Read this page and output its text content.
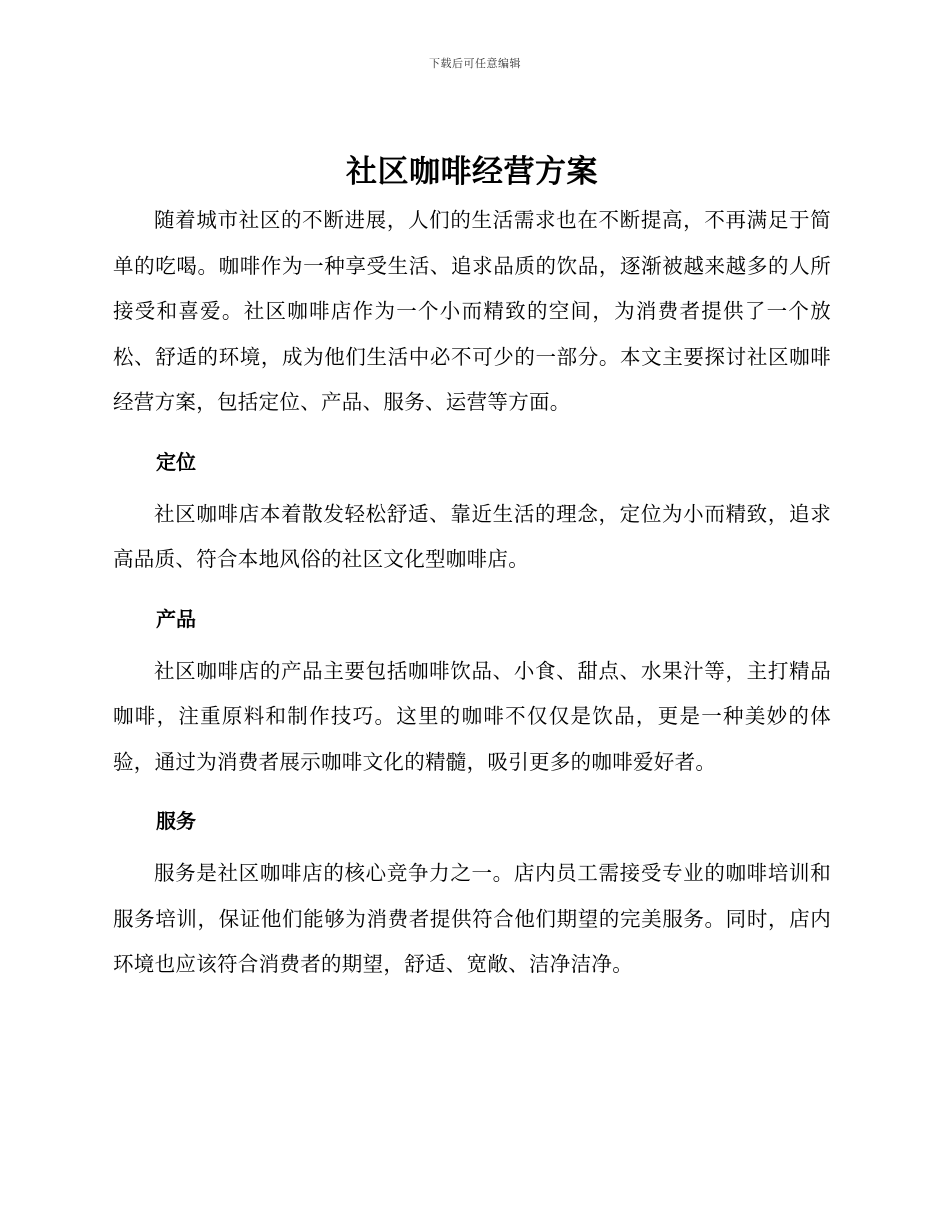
下载后可任意编辑
社区咖啡经营方案

随着城市社区的不断进展，人们的生活需求也在不断提高，不再满足于简单的吃喝。咖啡作为一种享受生活、追求品质的饮品，逐渐被越来越多的人所接受和喜爱。社区咖啡店作为一个小而精致的空间，为消费者提供了一个放松、舒适的环境，成为他们生活中必不可少的一部分。本文主要探讨社区咖啡经营方案，包括定位、产品、服务、运营等方面。

定位

社区咖啡店本着散发轻松舒适、靠近生活的理念，定位为小而精致，追求高品质、符合本地风俗的社区文化型咖啡店。

产品

社区咖啡店的产品主要包括咖啡饮品、小食、甜点、水果汁等，主打精品咖啡，注重原料和制作技巧。这里的咖啡不仅仅是饮品，更是一种美妙的体验，通过为消费者展示咖啡文化的精髓，吸引更多的咖啡爱好者。

服务

服务是社区咖啡店的核心竞争力之一。店内员工需接受专业的咖啡培训和服务培训，保证他们能够为消费者提供符合他们期望的完美服务。同时，店内环境也应该符合消费者的期望，舒适、宽敞、洁净洁净。
